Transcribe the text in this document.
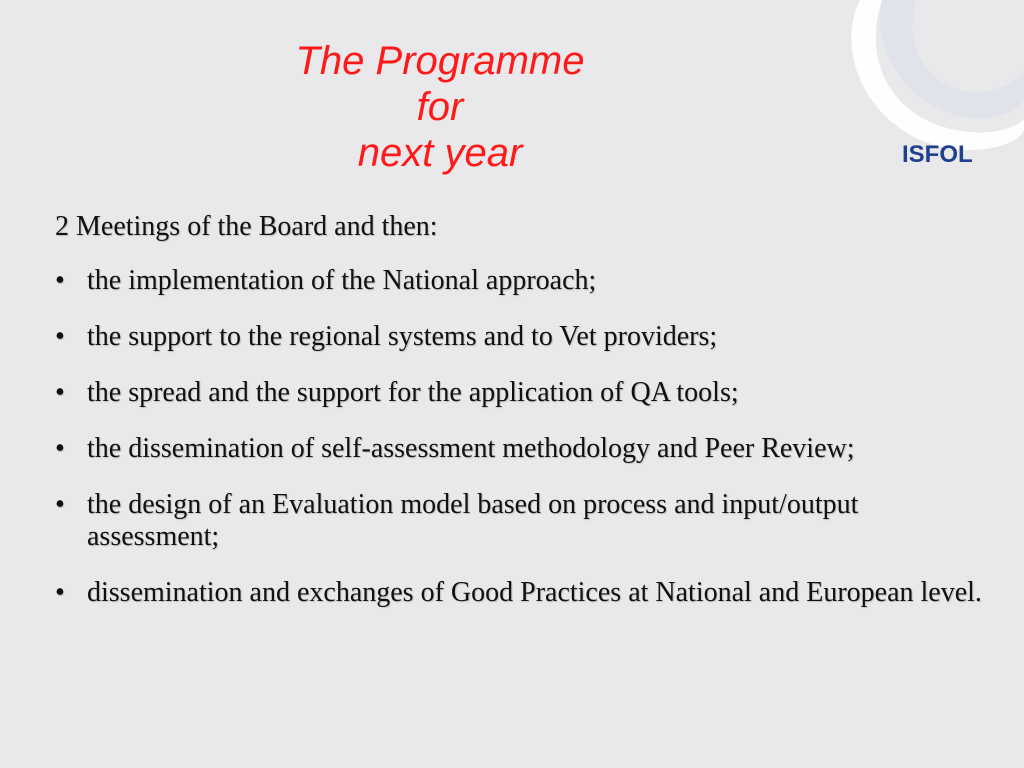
ISFOL
The Programme
for
next year
2 Meetings of the Board and then:
• the implementation of the National approach;
• the support to the regional systems and to Vet providers;
• the spread and the support for the application of QA tools;
• the dissemination of self-assessment methodology and Peer Review;
• the design of an Evaluation model based on process and input/output assessment;
• dissemination and exchanges of Good Practices at National and European level.
